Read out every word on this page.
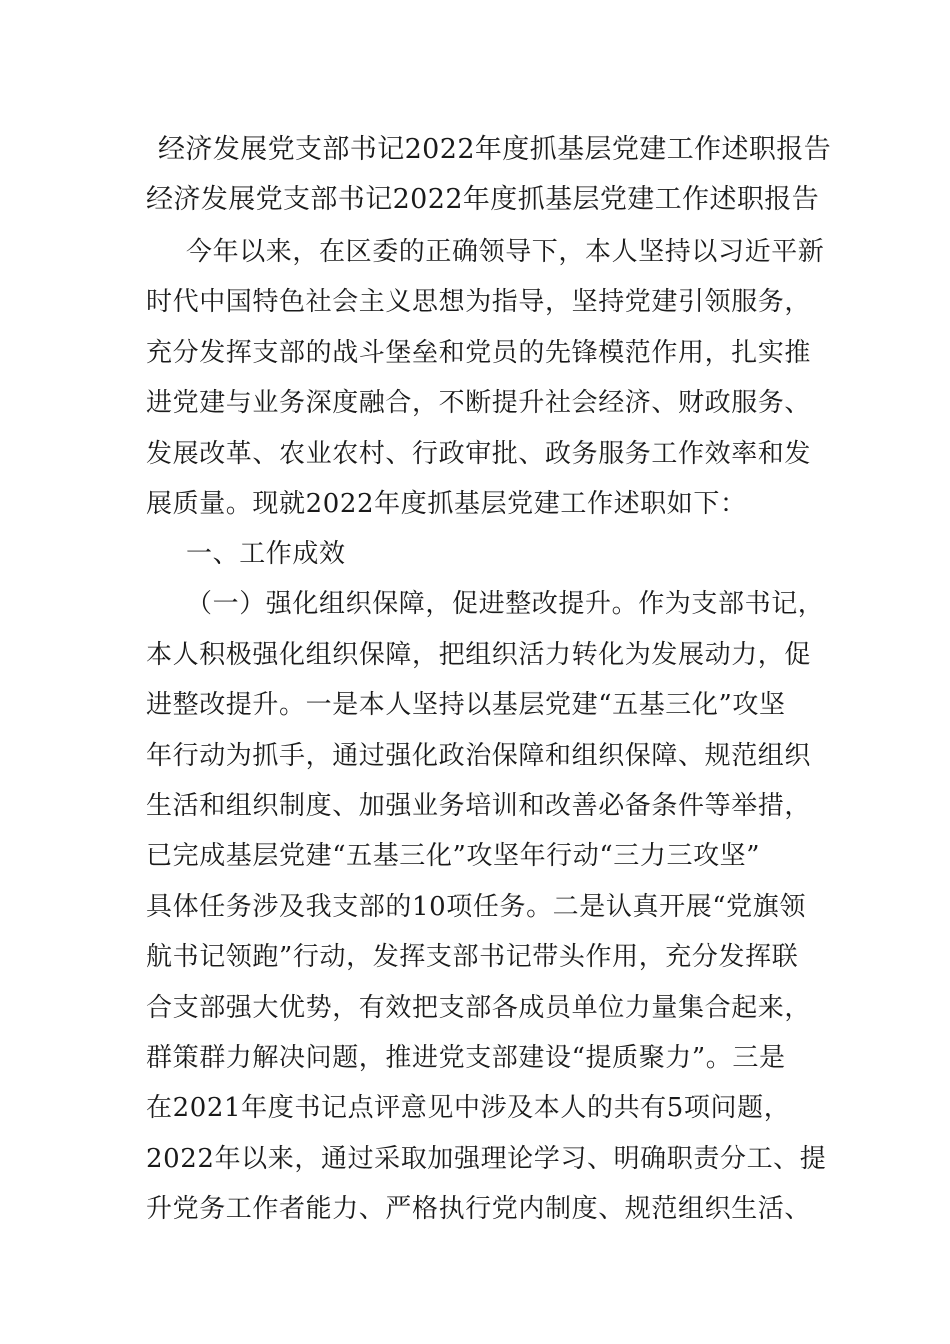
经济发展党支部书记2022年度抓基层党建工作述职报告
经济发展党支部书记2022年度抓基层党建工作述职报告
今年以来，在区委的正确领导下，本人坚持以习近平新
时代中国特色社会主义思想为指导，坚持党建引领服务，
充分发挥支部的战斗堡垒和党员的先锋模范作用，扎实推
进党建与业务深度融合，不断提升社会经济、财政服务、
发展改革、农业农村、行政审批、政务服务工作效率和发
展质量。现就2022年度抓基层党建工作述职如下：
一、工作成效
（一）强化组织保障，促进整改提升。作为支部书记，
本人积极强化组织保障，把组织活力转化为发展动力，促
进整改提升。一是本人坚持以基层党建“五基三化”攻坚
年行动为抓手，通过强化政治保障和组织保障、规范组织
生活和组织制度、加强业务培训和改善必备条件等举措，
已完成基层党建“五基三化”攻坚年行动“三力三攻坚”
具体任务涉及我支部的10项任务。二是认真开展“党旗领
航书记领跑”行动，发挥支部书记带头作用，充分发挥联
合支部强大优势，有效把支部各成员单位力量集合起来，
群策群力解决问题，推进党支部建设“提质聚力”。三是
在2021年度书记点评意见中涉及本人的共有5项问题，
2022年以来，通过采取加强理论学习、明确职责分工、提
升党务工作者能力、严格执行党内制度、规范组织生活、
